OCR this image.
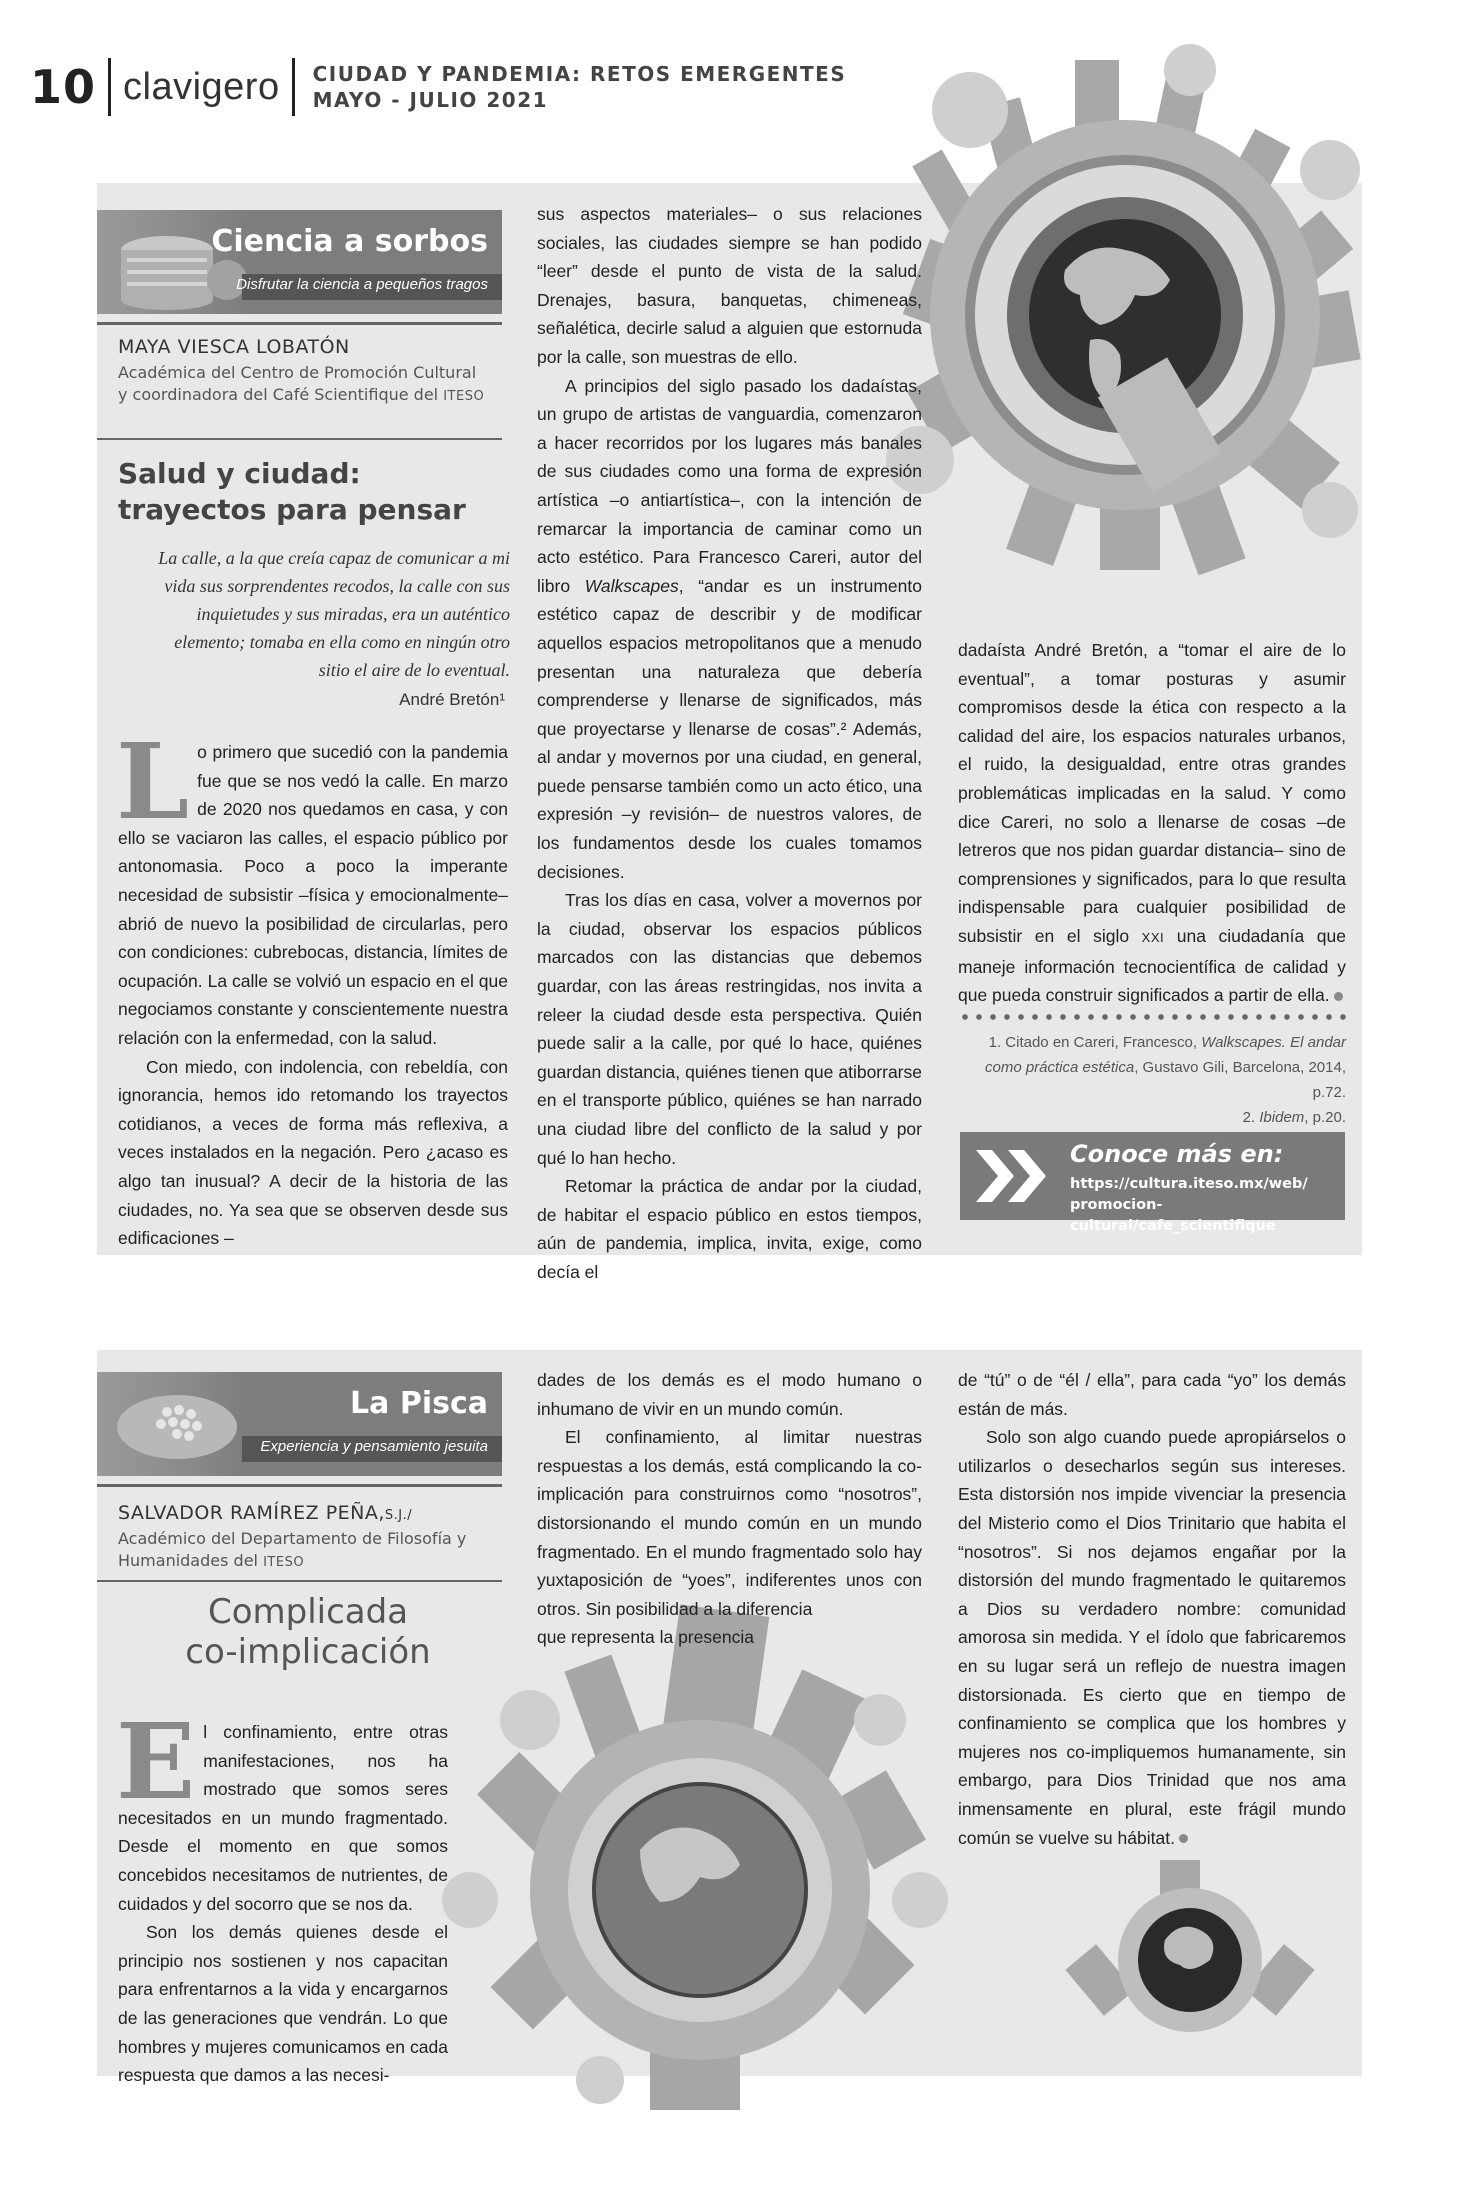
10 clavigero CIUDAD Y PANDEMIA: RETOS EMERGENTES
MAYO - JULIO 2021
Ciencia a sorbos
Disfrutar la ciencia a pequeños tragos
MAYA VIESCA LOBATÓN
Académica del Centro de Promoción Cultural
y coordinadora del Café Scientifique del ITESO
Salud y ciudad: trayectos para pensar
La calle, a la que creía capaz de comunicar a mi vida sus sorprendentes recodos, la calle con sus inquietudes y sus miradas, era un auténtico elemento; tomaba en ella como en ningún otro sitio el aire de lo eventual.
André Bretón¹

Lo primero que sucedió con la pandemia fue que se nos vedó la calle. En marzo de 2020 nos quedamos en casa, y con ello se vaciaron las calles, el espacio público por antonomasia. Poco a poco la imperante necesidad de subsistir –física y emocionalmente– abrió de nuevo la posibilidad de circularlas, pero con condiciones: cubrebocas, distancia, límites de ocupación. La calle se volvió un espacio en el que negociamos constante y conscientemente nuestra relación con la enfermedad, con la salud.

Con miedo, con indolencia, con rebeldía, con ignorancia, hemos ido retomando los trayectos cotidianos, a veces de forma más reflexiva, a veces instalados en la negación. Pero ¿acaso es algo tan inusual? A decir de la historia de las ciudades, no. Ya sea que se observen desde sus edificaciones –

sus aspectos materiales– o sus relaciones sociales, las ciudades siempre se han podido “leer” desde el punto de vista de la salud. Drenajes, basura, banquetas, chimeneas, señalética, decirle salud a alguien que estornuda por la calle, son muestras de ello.

A principios del siglo pasado los dadaístas, un grupo de artistas de vanguardia, comenzaron a hacer recorridos por los lugares más banales de sus ciudades como una forma de expresión artística –o antiartística–, con la intención de remarcar la importancia de caminar como un acto estético. Para Francesco Careri, autor del libro Walkscapes, “andar es un instrumento estético capaz de describir y de modificar aquellos espacios metropolitanos que a menudo presentan una naturaleza que debería comprenderse y llenarse de significados, más que proyectarse y llenarse de cosas”.² Además, al andar y movernos por una ciudad, en general, puede pensarse también como un acto ético, una expresión –y revisión– de nuestros valores, de los fundamentos desde los cuales tomamos decisiones.

Tras los días en casa, volver a movernos por la ciudad, observar los espacios públicos marcados con las distancias que debemos guardar, con las áreas restringidas, nos invita a releer la ciudad desde esta perspectiva. Quién puede salir a la calle, por qué lo hace, quiénes guardan distancia, quiénes tienen que atiborrarse en el transporte público, quiénes se han narrado una ciudad libre del conflicto de la salud y por qué lo han hecho.

Retomar la práctica de andar por la ciudad, de habitar el espacio público en estos tiempos, aún de pandemia, implica, invita, exige, como decía el

dadaísta André Bretón, a “tomar el aire de lo eventual”, a tomar posturas y asumir compromisos desde la ética con respecto a la calidad del aire, los espacios naturales urbanos, el ruido, la desigualdad, entre otras grandes problemáticas implicadas en la salud. Y como dice Careri, no solo a llenarse de cosas –de letreros que nos pidan guardar distancia– sino de comprensiones y significados, para lo que resulta indispensable para cualquier posibilidad de subsistir en el siglo XXI una ciudadanía que maneje información tecnocientífica de calidad y que pueda construir significados a partir de ella.

1. Citado en Careri, Francesco, Walkscapes. El andar como práctica estética, Gustavo Gili, Barcelona, 2014, p.72.
2. Ibidem, p.20.
Conoce más en:
https://cultura.iteso.mx/web/
promocion-cultural/cafe_scientifique
La Pisca
Experiencia y pensamiento jesuita
SALVADOR RAMÍREZ PEÑA,S.J./
Académico del Departamento de Filosofía y
Humanidades del ITESO
Complicada
co-implicación

El confinamiento, entre otras manifestaciones, nos ha mostrado que somos seres necesitados en un mundo fragmentado. Desde el momento en que somos concebidos necesitamos de nutrientes, de cuidados y del socorro que se nos da.

Son los demás quienes desde el principio nos sostienen y nos capacitan para enfrentarnos a la vida y encargarnos de las generaciones que vendrán. Lo que hombres y mujeres comunicamos en cada respuesta que damos a las necesi-

dades de los demás es el modo humano o inhumano de vivir en un mundo común.

El confinamiento, al limitar nuestras respuestas a los demás, está complicando la co-implicación para construirnos como “nosotros”, distorsionando el mundo común en un mundo fragmentado. En el mundo fragmentado solo hay yuxtaposición de “yoes”, indiferentes unos con otros. Sin posibilidad a la diferencia

que representa la presencia

de “tú” o de “él / ella”, para cada “yo” los demás están de más.

Solo son algo cuando puede apropiárselos o utilizarlos o desecharlos según sus intereses. Esta distorsión nos impide vivenciar la presencia del Misterio como el Dios Trinitario que habita el “nosotros”. Si nos dejamos engañar por la distorsión del mundo fragmentado le quitaremos a Dios su verdadero nombre: comunidad amorosa sin medida. Y el ídolo que fabricaremos en su lugar será un reflejo de nuestra imagen distorsionada. Es cierto que en tiempo de confinamiento se complica que los hombres y mujeres nos co-impliquemos humanamente, sin embargo, para Dios Trinidad que nos ama inmensamente en plural, este frágil mundo común se vuelve su hábitat.
